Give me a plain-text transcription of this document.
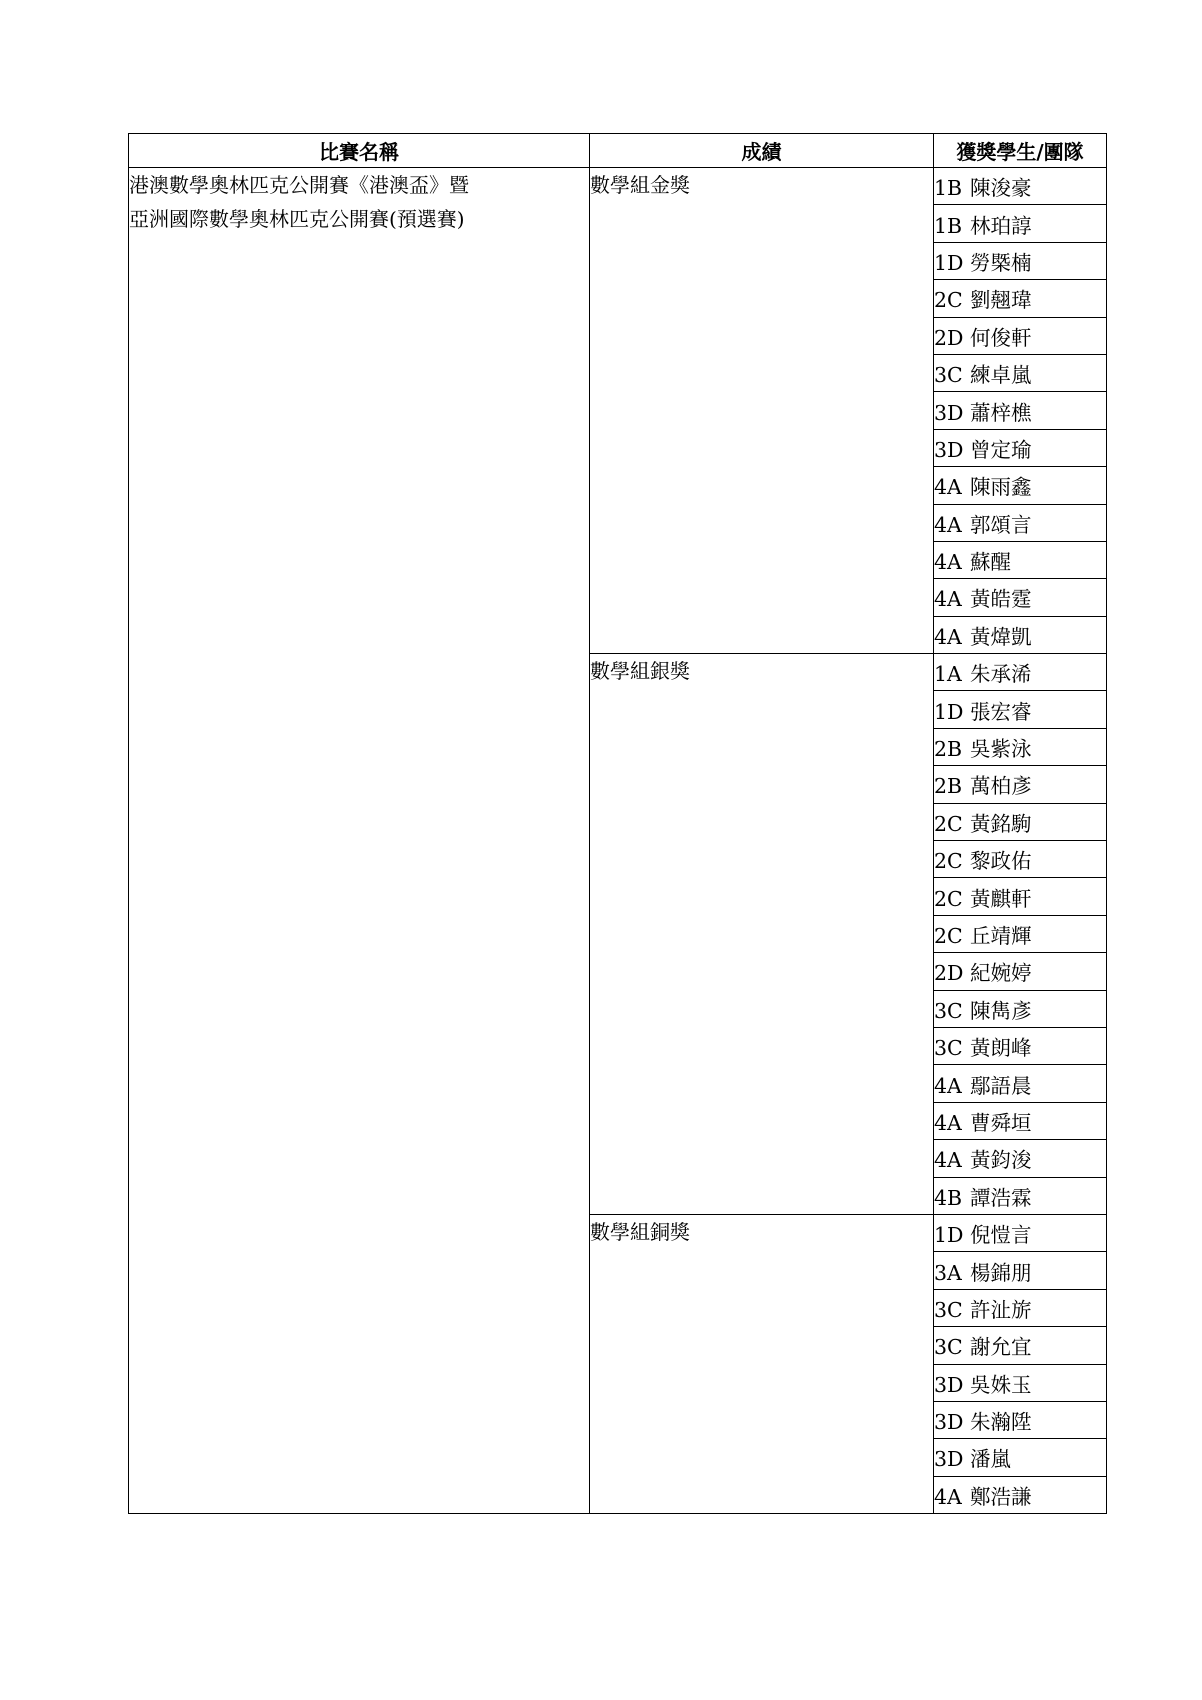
比賽名稱	成績	獲獎學生/團隊

港澳數學奧林匹克公開賽《港澳盃》暨
亞洲國際數學奧林匹克公開賽(預選賽)	數學組金獎	1B 陳浚豪
		1B 林珀諄
		1D 勞槩楠
		2C 劉翹瑋
		2D 何俊軒
		3C 練卓嵐
		3D 蕭梓樵
		3D 曾定瑜
		4A 陳雨鑫
		4A 郭頌言
		4A 蘇醒
		4A 黃皓霆
		4A 黃煒凱
	數學組銀獎	1A 朱承浠
		1D 張宏睿
		2B 吳紫泳
		2B 萬柏彥
		2C 黃銘駒
		2C 黎政佑
		2C 黃麒軒
		2C 丘靖輝
		2D 紀婉婷
		3C 陳雋彥
		3C 黃朗峰
		4A 鄢語晨
		4A 曹舜垣
		4A 黃鈞浚
		4B 譚浩霖
	數學組銅獎	1D 倪愷言
		3A 楊錦朋
		3C 許沚旂
		3C 謝允宜
		3D 吳姝玉
		3D 朱瀚陞
		3D 潘嵐
		4A 鄭浩謙
